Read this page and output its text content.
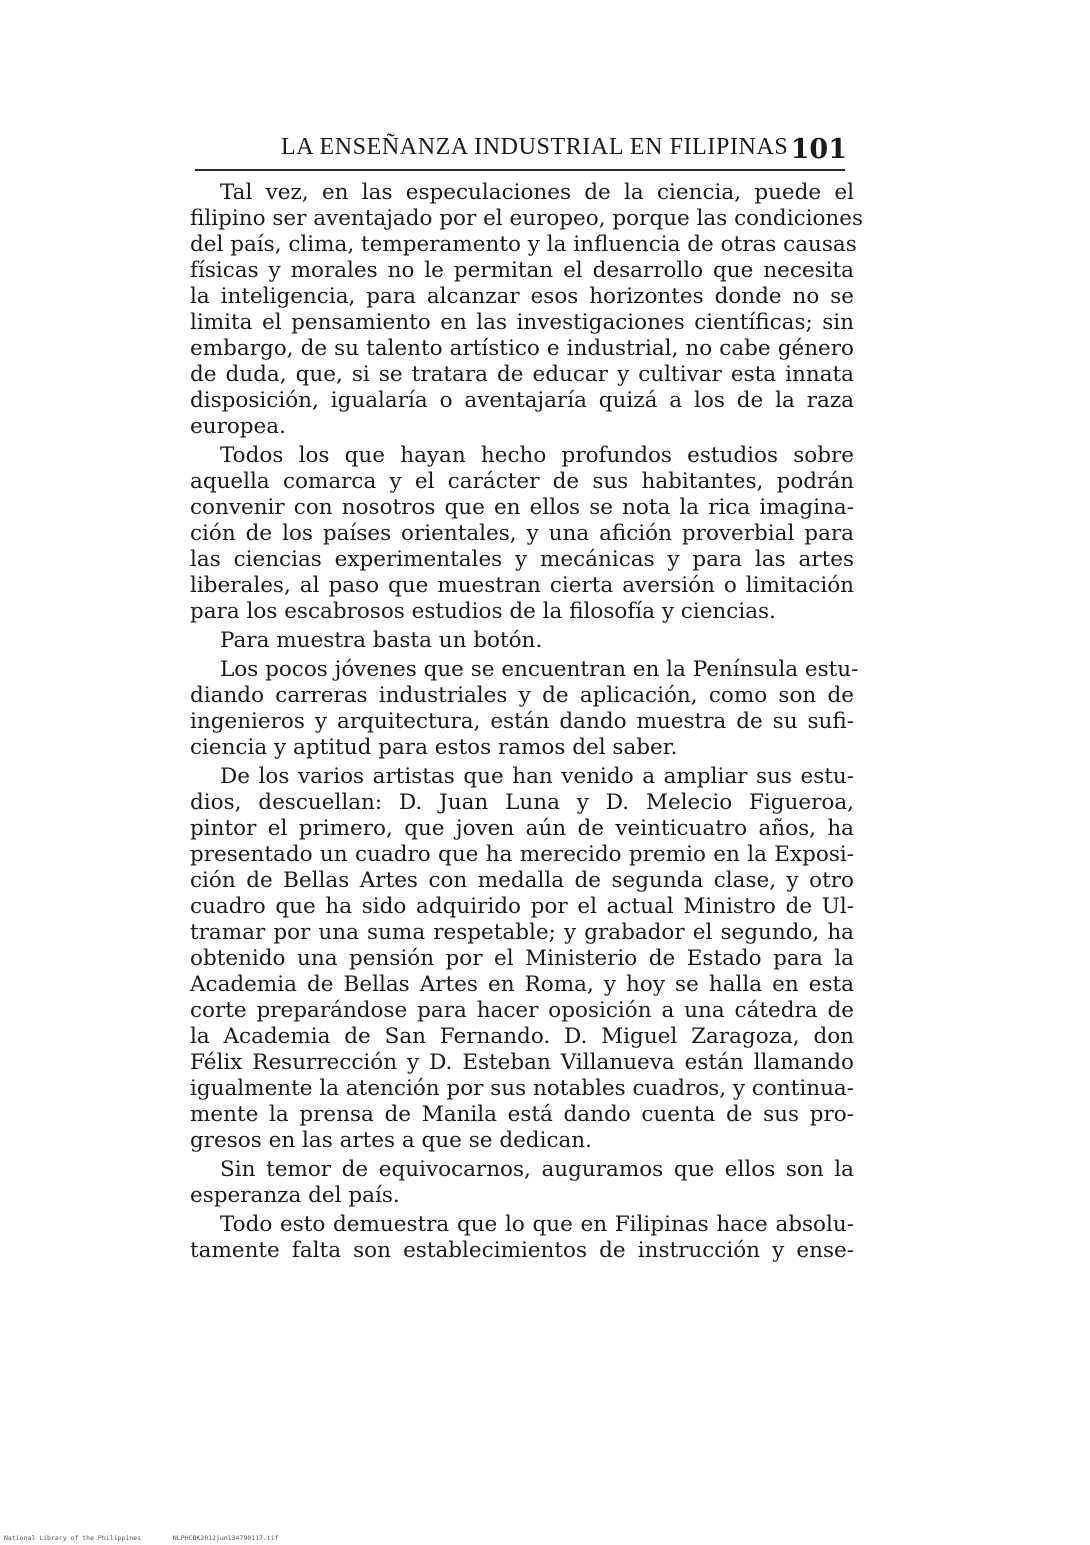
LA ENSEÑANZA INDUSTRIAL EN FILIPINAS 101
Tal vez, en las especulaciones de la ciencia, puede el
filipino ser aventajado por el europeo, porque las condiciones
del país, clima, temperamento y la influencia de otras causas
físicas y morales no le permitan el desarrollo que necesita
la inteligencia, para alcanzar esos horizontes donde no se
limita el pensamiento en las investigaciones científicas; sin
embargo, de su talento artístico e industrial, no cabe género
de duda, que, si se tratara de educar y cultivar esta innata
disposición, igualaría o aventajaría quizá a los de la raza
europea.
Todos los que hayan hecho profundos estudios sobre
aquella comarca y el carácter de sus habitantes, podrán
convenir con nosotros que en ellos se nota la rica imagina-
ción de los países orientales, y una afición proverbial para
las ciencias experimentales y mecánicas y para las artes
liberales, al paso que muestran cierta aversión o limitación
para los escabrosos estudios de la filosofía y ciencias.
Para muestra basta un botón.
Los pocos jóvenes que se encuentran en la Península estu-
diando carreras industriales y de aplicación, como son de
ingenieros y arquitectura, están dando muestra de su sufi-
ciencia y aptitud para estos ramos del saber.
De los varios artistas que han venido a ampliar sus estu-
dios, descuellan: D. Juan Luna y D. Melecio Figueroa,
pintor el primero, que joven aún de veinticuatro años, ha
presentado un cuadro que ha merecido premio en la Exposi-
ción de Bellas Artes con medalla de segunda clase, y otro
cuadro que ha sido adquirido por el actual Ministro de Ul-
tramar por una suma respetable; y grabador el segundo, ha
obtenido una pensión por el Ministerio de Estado para la
Academia de Bellas Artes en Roma, y hoy se halla en esta
corte preparándose para hacer oposición a una cátedra de
la Academia de San Fernando. D. Miguel Zaragoza, don
Félix Resurrección y D. Esteban Villanueva están llamando
igualmente la atención por sus notables cuadros, y continua-
mente la prensa de Manila está dando cuenta de sus pro-
gresos en las artes a que se dedican.
Sin temor de equivocarnos, auguramos que ellos son la
esperanza del país.
Todo esto demuestra que lo que en Filipinas hace absolu-
tamente falta son establecimientos de instrucción y ense-
National Library of the Philippines	NLPHCBK2012jun134790117.tif
